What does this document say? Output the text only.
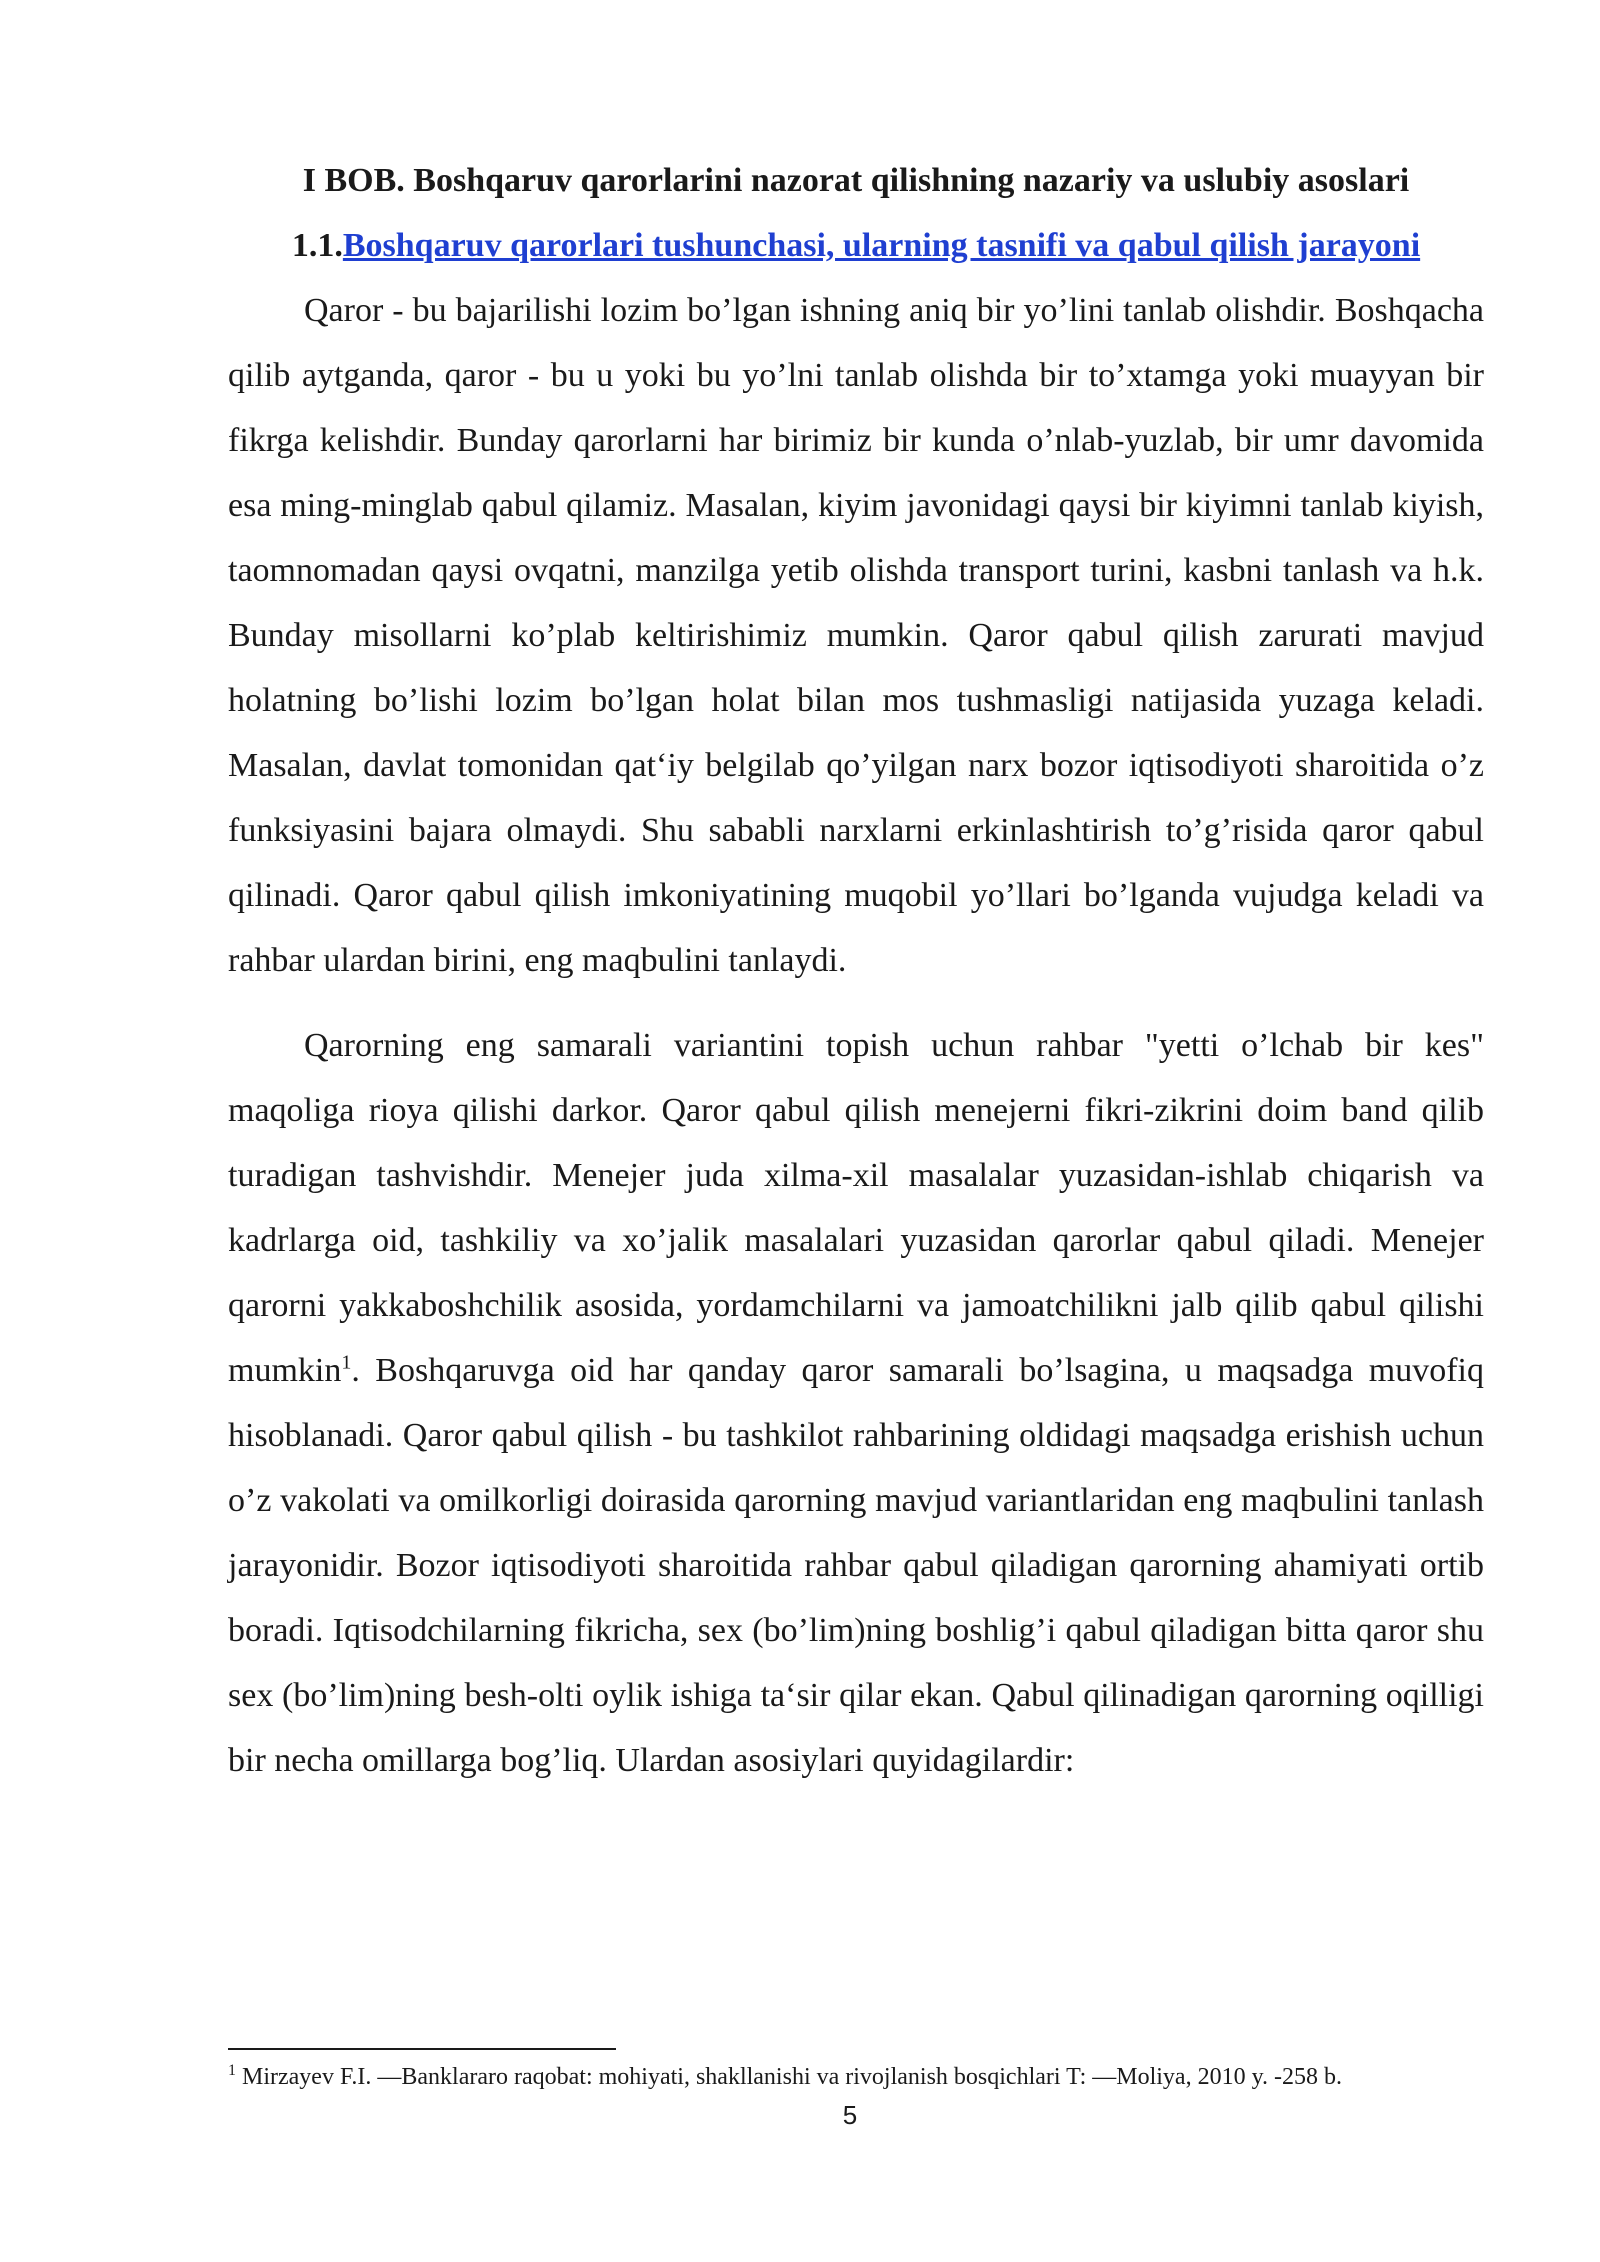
I BOB. Boshqaruv qarorlarini nazorat qilishning nazariy va uslubiy asoslari

1.1.Boshqaruv qarorlari tushunchasi, ularning tasnifi va qabul qilish jarayoni

Qaror - bu bajarilishi lozim bo’lgan ishning aniq bir yo’lini tanlab olishdir. Boshqacha qilib aytganda, qaror - bu u yoki bu yo’lni tanlab olishda bir to’xtamga yoki muayyan bir fikrga kelishdir. Bunday qarorlarni har birimiz bir kunda o’nlab-yuzlab, bir umr davomida esa ming-minglab qabul qilamiz. Masalan, kiyim javonidagi qaysi bir kiyimni tanlab kiyish, taomnomadan qaysi ovqatni, manzilga yetib olishda transport turini, kasbni tanlash va h.k. Bunday misollarni ko’plab keltirishimiz mumkin. Qaror qabul qilish zarurati mavjud holatning bo’lishi lozim bo’lgan holat bilan mos tushmasligi natijasida yuzaga keladi. Masalan, davlat tomonidan qat‘iy belgilab qo’yilgan narx bozor iqtisodiyoti sharoitida o’z funksiyasini bajara olmaydi. Shu sababli narxlarni erkinlashtirish to’g’risida qaror qabul qilinadi. Qaror qabul qilish imkoniyatining muqobil yo’llari bo’lganda vujudga keladi va rahbar ulardan birini, eng maqbulini tanlaydi.

Qarorning eng samarali variantini topish uchun rahbar "yetti o’lchab bir kes" maqoliga rioya qilishi darkor. Qaror qabul qilish menejerni fikri-zikrini doim band qilib turadigan tashvishdir. Menejer juda xilma-xil masalalar yuzasidan-ishlab chiqarish va kadrlarga oid, tashkiliy va xo’jalik masalalari yuzasidan qarorlar qabul qiladi. Menejer qarorni yakkaboshchilik asosida, yordamchilarni va jamoatchilikni jalb qilib qabul qilishi mumkin$^1$. Boshqaruvga oid har qanday qaror samarali bo’lsagina, u maqsadga muvofiq hisoblanadi. Qaror qabul qilish - bu tashkilot rahbarining oldidagi maqsadga erishish uchun o’z vakolati va omilkorligi doirasida qarorning mavjud variantlaridan eng maqbulini tanlash jarayonidir. Bozor iqtisodiyoti sharoitida rahbar qabul qiladigan qarorning ahamiyati ortib boradi. Iqtisodchilarning fikricha, sex (bo’lim)ning boshlig’i qabul qiladigan bitta qaror shu sex (bo’lim)ning besh-olti oylik ishiga ta‘sir qilar ekan. Qabul qilinadigan qarorning oqilligi bir necha omillarga bog’liq. Ulardan asosiylari quyidagilardir:

$^1$ Mirzayev F.I. —Banklararo raqobat: mohiyati, shakllanishi va rivojlanish bosqichlari T: —Moliya, 2010 y. -258 b.
5
